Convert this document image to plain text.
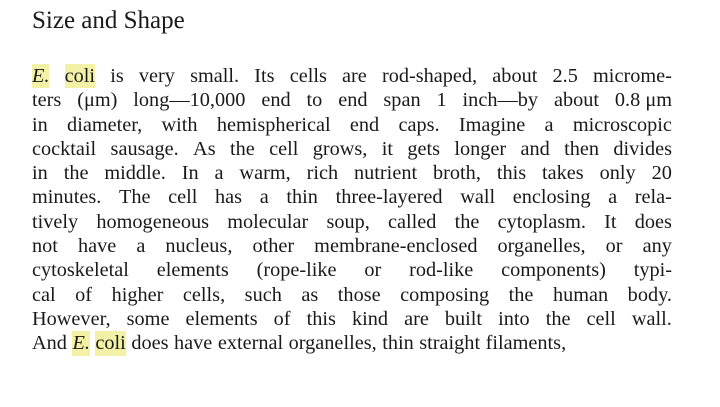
Size and Shape
E. coli is very small. Its cells are rod-shaped, about 2.5 microme-
ters (μm) long—10,000 end to end span 1 inch—by about 0.8 μm
in diameter, with hemispherical end caps. Imagine a microscopic
cocktail sausage. As the cell grows, it gets longer and then divides
in the middle. In a warm, rich nutrient broth, this takes only 20
minutes. The cell has a thin three-layered wall enclosing a rela-
tively homogeneous molecular soup, called the cytoplasm. It does
not have a nucleus, other membrane-enclosed organelles, or any
cytoskeletal elements (rope-like or rod-like components) typi-
cal of higher cells, such as those composing the human body.
However, some elements of this kind are built into the cell wall.
And E. coli does have external organelles, thin straight filaments,
